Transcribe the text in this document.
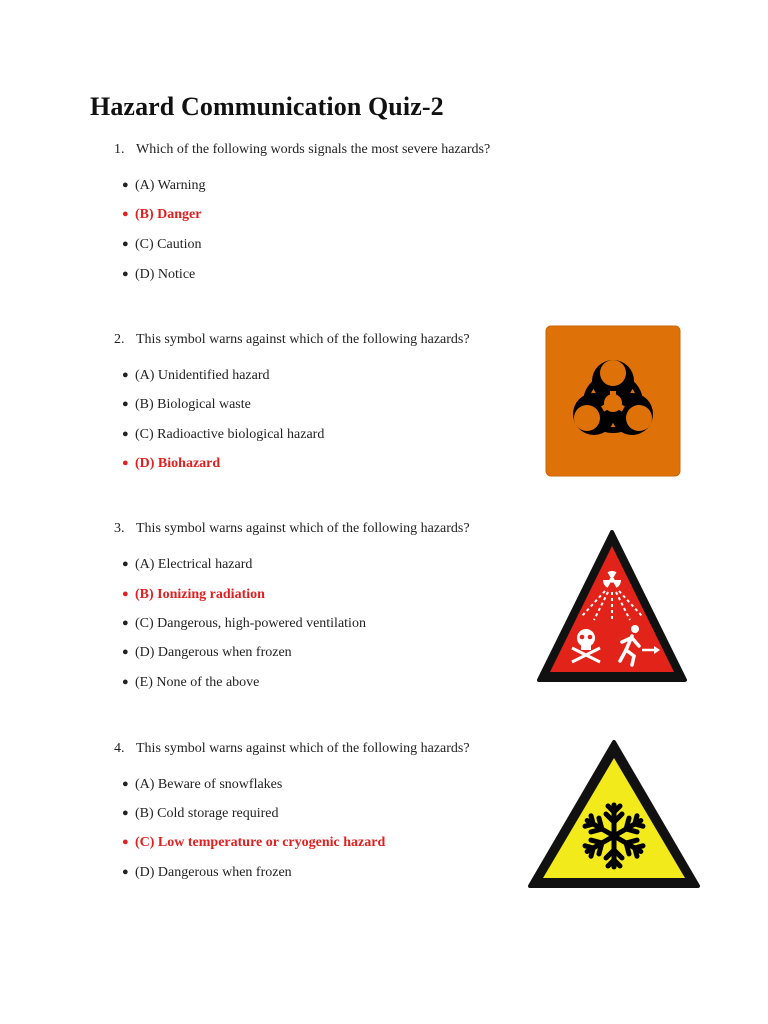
Hazard Communication Quiz-2
1. Which of the following words signals the most severe hazards?
● (A) Warning
● (B) Danger
● (C) Caution
● (D) Notice
2. This symbol warns against which of the following hazards?
● (A) Unidentified hazard
● (B) Biological waste
● (C) Radioactive biological hazard
● (D) Biohazard
3. This symbol warns against which of the following hazards?
● (A) Electrical hazard
● (B) Ionizing radiation
● (C) Dangerous, high-powered ventilation
● (D) Dangerous when frozen
● (E) None of the above
4. This symbol warns against which of the following hazards?
● (A) Beware of snowflakes
● (B) Cold storage required
● (C) Low temperature or cryogenic hazard
● (D) Dangerous when frozen
